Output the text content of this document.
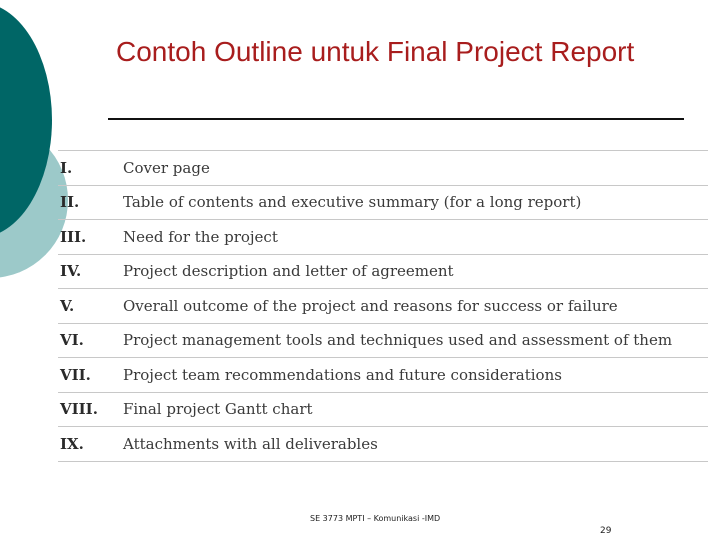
Contoh Outline untuk Final Project Report
I.	Cover page
II.	Table of contents and executive summary (for a long report)
III.	Need for the project
IV.	Project description and letter of agreement
V.	Overall outcome of the project and reasons for success or failure
VI.	Project management tools and techniques used and assessment of them
VII.	Project team recommendations and future considerations
VIII.	Final project Gantt chart
IX.	Attachments with all deliverables
SE 3773 MPTI – Komunikasi -IMD
29
